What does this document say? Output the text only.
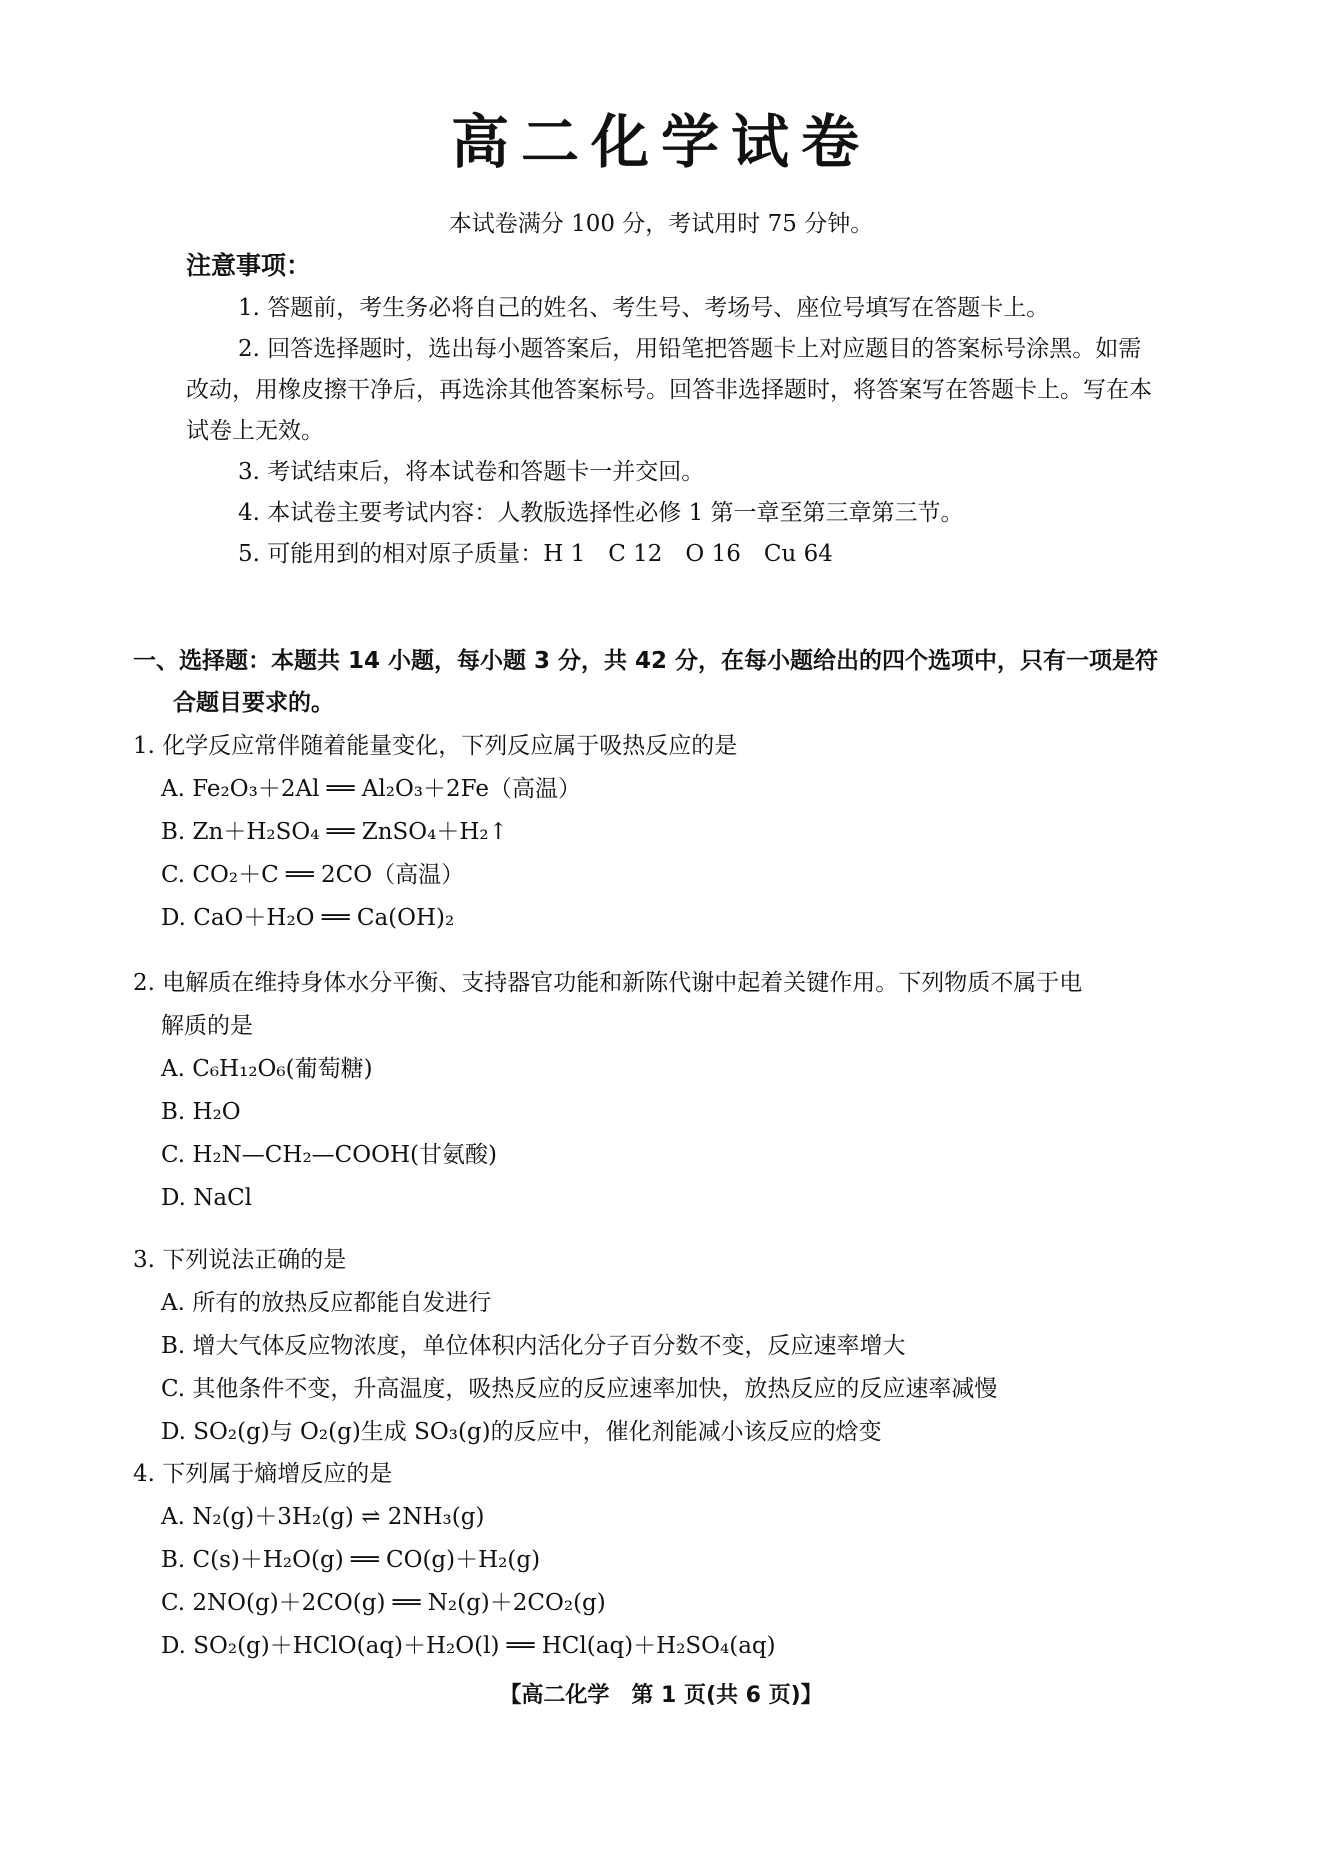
高二化学试卷
本试卷满分 100 分，考试用时 75 分钟。
注意事项：
1. 答题前，考生务必将自己的姓名、考生号、考场号、座位号填写在答题卡上。
2. 回答选择题时，选出每小题答案后，用铅笔把答题卡上对应题目的答案标号涂黑。如需改动，用橡皮擦干净后，再选涂其他答案标号。回答非选择题时，将答案写在答题卡上。写在本试卷上无效。
3. 考试结束后，将本试卷和答题卡一并交回。
4. 本试卷主要考试内容：人教版选择性必修 1 第一章至第三章第三节。
5. 可能用到的相对原子质量：H 1　C 12　O 16　Cu 64
一、选择题：本题共 14 小题，每小题 3 分，共 42 分，在每小题给出的四个选项中，只有一项是符
合题目要求的。
1. 化学反应常伴随着能量变化，下列反应属于吸热反应的是
A. Fe₂O₃＋2Al ══ Al₂O₃＋2Fe（高温）
B. Zn＋H₂SO₄ ══ ZnSO₄＋H₂↑
C. CO₂＋C ══ 2CO（高温）
D. CaO＋H₂O ══ Ca(OH)₂
2. 电解质在维持身体水分平衡、支持器官功能和新陈代谢中起着关键作用。下列物质不属于电
解质的是
A. C₆H₁₂O₆(葡萄糖)
B. H₂O
C. H₂N—CH₂—COOH(甘氨酸)
D. NaCl
3. 下列说法正确的是
A. 所有的放热反应都能自发进行
B. 增大气体反应物浓度，单位体积内活化分子百分数不变，反应速率增大
C. 其他条件不变，升高温度，吸热反应的反应速率加快，放热反应的反应速率减慢
D. SO₂(g)与 O₂(g)生成 SO₃(g)的反应中，催化剂能减小该反应的焓变
4. 下列属于熵增反应的是
A. N₂(g)＋3H₂(g) ⇌ 2NH₃(g)
B. C(s)＋H₂O(g) ══ CO(g)＋H₂(g)
C. 2NO(g)＋2CO(g) ══ N₂(g)＋2CO₂(g)
D. SO₂(g)＋HClO(aq)＋H₂O(l) ══ HCl(aq)＋H₂SO₄(aq)
【高二化学　第 1 页(共 6 页)】
